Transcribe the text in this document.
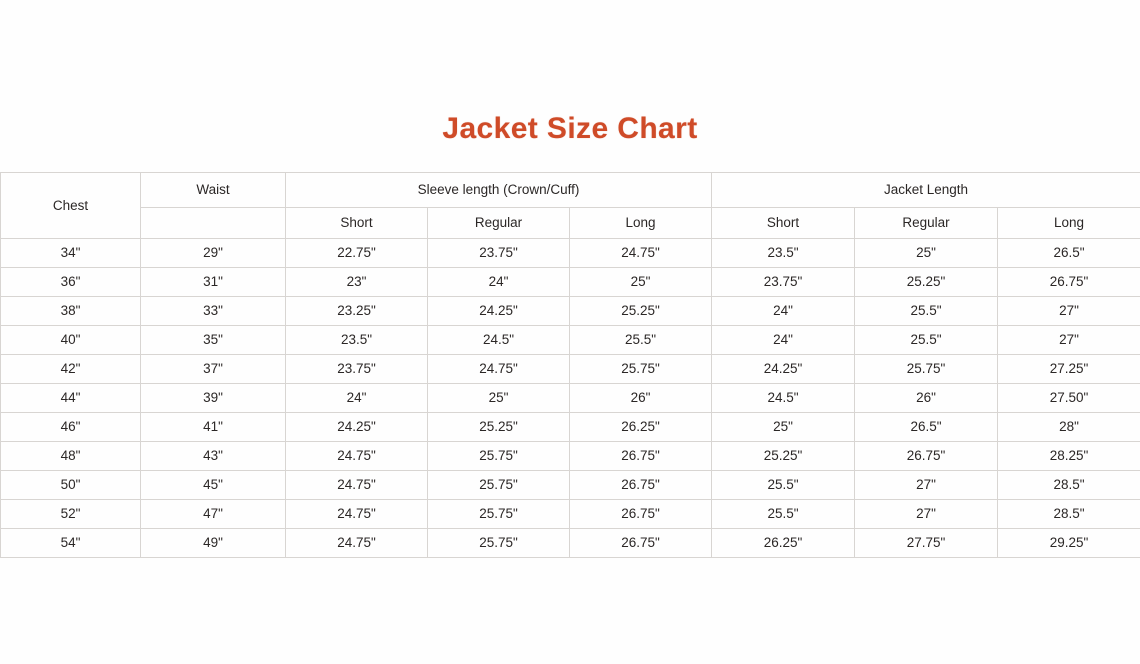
Jacket Size Chart
Chest	Waist	Sleeve length (Crown/Cuff)			Jacket Length		
		Short	Regular	Long	Short	Regular	Long
34"	29"	22.75"	23.75"	24.75"	23.5"	25"	26.5"
36"	31"	23"	24"	25"	23.75"	25.25"	26.75"
38"	33"	23.25"	24.25"	25.25"	24"	25.5"	27"
40"	35"	23.5"	24.5"	25.5"	24"	25.5"	27"
42"	37"	23.75"	24.75"	25.75"	24.25"	25.75"	27.25"
44"	39"	24"	25"	26"	24.5"	26"	27.50"
46"	41"	24.25"	25.25"	26.25"	25"	26.5"	28"
48"	43"	24.75"	25.75"	26.75"	25.25"	26.75"	28.25"
50"	45"	24.75"	25.75"	26.75"	25.5"	27"	28.5"
52"	47"	24.75"	25.75"	26.75"	25.5"	27"	28.5"
54"	49"	24.75"	25.75"	26.75"	26.25"	27.75"	29.25"
